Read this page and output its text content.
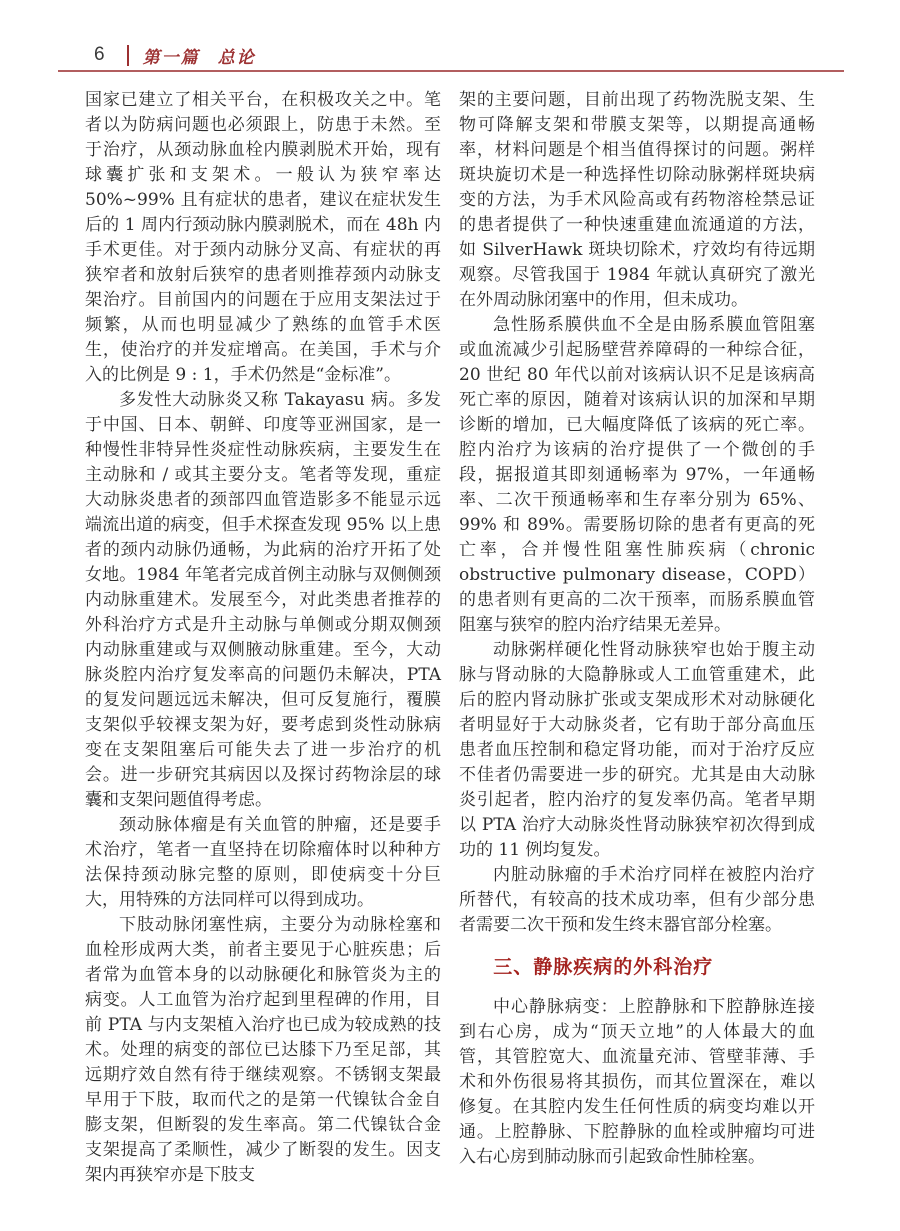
6 第一篇 总论

国家已建立了相关平台，在积极攻关之中。笔者以为防病问题也必须跟上，防患于未然。至于治疗，从颈动脉血栓内膜剥脱术开始，现有球囊扩张和支架术。一般认为狭窄率达 50%~99% 且有症状的患者，建议在症状发生后的 1 周内行颈动脉内膜剥脱术，而在 48h 内手术更佳。对于颈内动脉分叉高、有症状的再狭窄者和放射后狭窄的患者则推荐颈内动脉支架治疗。目前国内的问题在于应用支架法过于频繁，从而也明显减少了熟练的血管手术医生，使治疗的并发症增高。在美国，手术与介入的比例是 9 : 1，手术仍然是“金标准”。

多发性大动脉炎又称 Takayasu 病。多发于中国、日本、朝鲜、印度等亚洲国家，是一种慢性非特异性炎症性动脉疾病，主要发生在主动脉和 / 或其主要分支。笔者等发现，重症大动脉炎患者的颈部四血管造影多不能显示远端流出道的病变，但手术探查发现 95% 以上患者的颈内动脉仍通畅，为此病的治疗开拓了处女地。1984 年笔者完成首例主动脉与双侧侧颈内动脉重建术。发展至今，对此类患者推荐的外科治疗方式是升主动脉与单侧或分期双侧颈内动脉重建或与双侧腋动脉重建。至今，大动脉炎腔内治疗复发率高的问题仍未解决，PTA 的复发问题远远未解决，但可反复施行，覆膜支架似乎较裸支架为好，要考虑到炎性动脉病变在支架阻塞后可能失去了进一步治疗的机会。进一步研究其病因以及探讨药物涂层的球囊和支架问题值得考虑。

颈动脉体瘤是有关血管的肿瘤，还是要手术治疗，笔者一直坚持在切除瘤体时以种种方法保持颈动脉完整的原则，即使病变十分巨大，用特殊的方法同样可以得到成功。

下肢动脉闭塞性病，主要分为动脉栓塞和血栓形成两大类，前者主要见于心脏疾患；后者常为血管本身的以动脉硬化和脉管炎为主的病变。人工血管为治疗起到里程碑的作用，目前 PTA 与内支架植入治疗也已成为较成熟的技术。处理的病变的部位已达膝下乃至足部，其远期疗效自然有待于继续观察。不锈钢支架最早用于下肢，取而代之的是第一代镍钛合金自膨支架，但断裂的发生率高。第二代镍钛合金支架提高了柔顺性，减少了断裂的发生。因支架内再狭窄亦是下肢支

架的主要问题，目前出现了药物洗脱支架、生物可降解支架和带膜支架等，以期提高通畅率，材料问题是个相当值得探讨的问题。粥样斑块旋切术是一种选择性切除动脉粥样斑块病变的方法，为手术风险高或有药物溶栓禁忌证的患者提供了一种快速重建血流通道的方法，如 SilverHawk 斑块切除术，疗效均有待远期观察。尽管我国于 1984 年就认真研究了激光在外周动脉闭塞中的作用，但未成功。

急性肠系膜供血不全是由肠系膜血管阻塞或血流减少引起肠壁营养障碍的一种综合征，20 世纪 80 年代以前对该病认识不足是该病高死亡率的原因，随着对该病认识的加深和早期诊断的增加，已大幅度降低了该病的死亡率。腔内治疗为该病的治疗提供了一个微创的手段，据报道其即刻通畅率为 97%，一年通畅率、二次干预通畅率和生存率分别为 65%、99% 和 89%。需要肠切除的患者有更高的死亡率，合并慢性阻塞性肺疾病（chronic obstructive pulmonary disease，COPD）的患者则有更高的二次干预率，而肠系膜血管阻塞与狭窄的腔内治疗结果无差异。

动脉粥样硬化性肾动脉狭窄也始于腹主动脉与肾动脉的大隐静脉或人工血管重建术，此后的腔内肾动脉扩张或支架成形术对动脉硬化者明显好于大动脉炎者，它有助于部分高血压患者血压控制和稳定肾功能，而对于治疗反应不佳者仍需要进一步的研究。尤其是由大动脉炎引起者，腔内治疗的复发率仍高。笔者早期以 PTA 治疗大动脉炎性肾动脉狭窄初次得到成功的 11 例均复发。

内脏动脉瘤的手术治疗同样在被腔内治疗所替代，有较高的技术成功率，但有少部分患者需要二次干预和发生终末器官部分栓塞。

三、静脉疾病的外科治疗

中心静脉病变：上腔静脉和下腔静脉连接到右心房，成为“顶天立地”的人体最大的血管，其管腔宽大、血流量充沛、管壁菲薄、手术和外伤很易将其损伤，而其位置深在，难以修复。在其腔内发生任何性质的病变均难以开通。上腔静脉、下腔静脉的血栓或肿瘤均可进入右心房到肺动脉而引起致命性肺栓塞。
